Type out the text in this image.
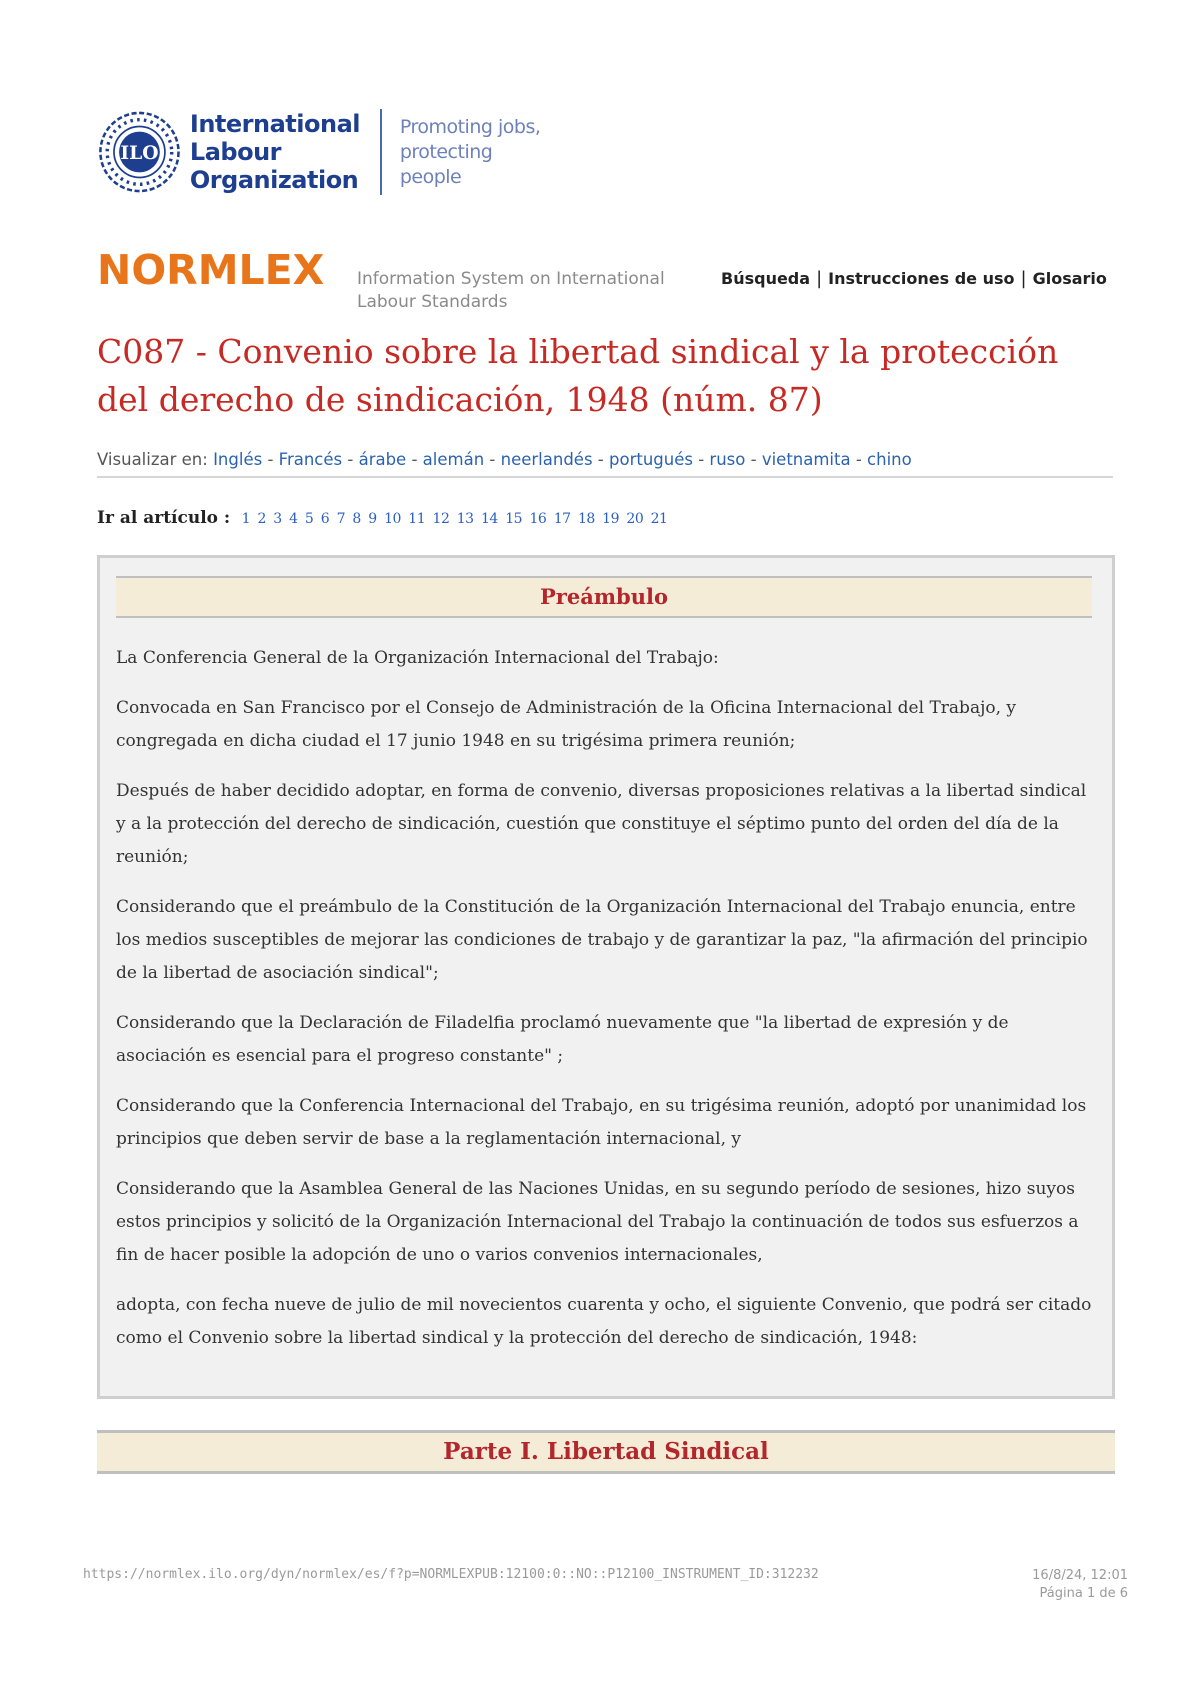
ILO
International
Labour
Organization
Promoting jobs,
protecting people
NORMLEX Information System on International Labour Standards
Búsqueda | Instrucciones de uso | Glosario
C087 - Convenio sobre la libertad sindical y la protección del derecho de sindicación, 1948 (núm. 87)
Visualizar en: Inglés - Francés - árabe - alemán - neerlandés - portugués - ruso - vietnamita - chino
Ir al artículo : 1 2 3 4 5 6 7 8 9 10 11 12 13 14 15 16 17 18 19 20 21
Preámbulo

La Conferencia General de la Organización Internacional del Trabajo:

Convocada en San Francisco por el Consejo de Administración de la Oficina Internacional del Trabajo, y congregada en dicha ciudad el 17 junio 1948 en su trigésima primera reunión;

Después de haber decidido adoptar, en forma de convenio, diversas proposiciones relativas a la libertad sindical y a la protección del derecho de sindicación, cuestión que constituye el séptimo punto del orden del día de la reunión;

Considerando que el preámbulo de la Constitución de la Organización Internacional del Trabajo enuncia, entre los medios susceptibles de mejorar las condiciones de trabajo y de garantizar la paz, "la afirmación del principio de la libertad de asociación sindical";

Considerando que la Declaración de Filadelfia proclamó nuevamente que "la libertad de expresión y de asociación es esencial para el progreso constante" ;

Considerando que la Conferencia Internacional del Trabajo, en su trigésima reunión, adoptó por unanimidad los principios que deben servir de base a la reglamentación internacional, y

Considerando que la Asamblea General de las Naciones Unidas, en su segundo período de sesiones, hizo suyos estos principios y solicitó de la Organización Internacional del Trabajo la continuación de todos sus esfuerzos a fin de hacer posible la adopción de uno o varios convenios internacionales,

adopta, con fecha nueve de julio de mil novecientos cuarenta y ocho, el siguiente Convenio, que podrá ser citado como el Convenio sobre la libertad sindical y la protección del derecho de sindicación, 1948:

Parte I. Libertad Sindical
https://normlex.ilo.org/dyn/normlex/es/f?p=NORMLEXPUB:12100:0::NO::P12100_INSTRUMENT_ID:312232	16/8/24, 12:01
Página 1 de 6
